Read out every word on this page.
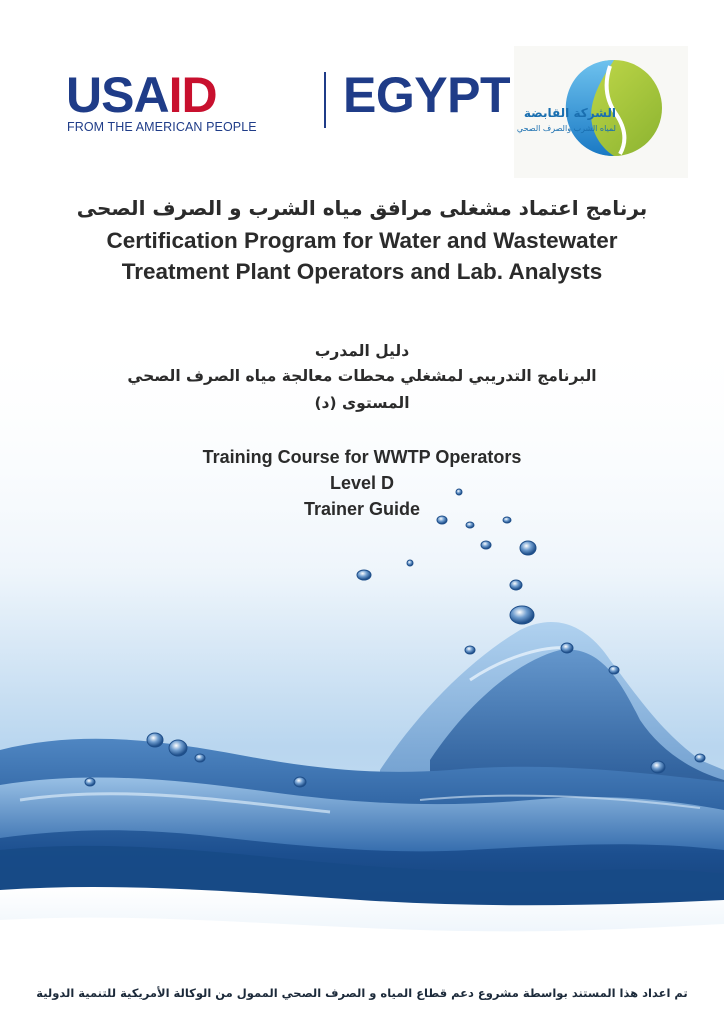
USAID	EGYPT
FROM THE AMERICAN PEOPLE
الشركة القابضة
لمياه الشرب والصرف الصحي
برنامج اعتماد مشغلى مرافق مياه الشرب و الصرف الصحى
Certification Program for Water and Wastewater
Treatment Plant Operators and Lab. Analysts
دليل المدرب
البرنامج التدريبي لمشغلي محطات معالجة مياه الصرف الصحي
المستوى (د)
Training Course for WWTP Operators
Level D
Trainer Guide
تم اعداد هذا المستند بواسطة مشروع دعم قطاع المياه و الصرف الصحي الممول من الوكالة الأمريكية للتنمية الدولية
